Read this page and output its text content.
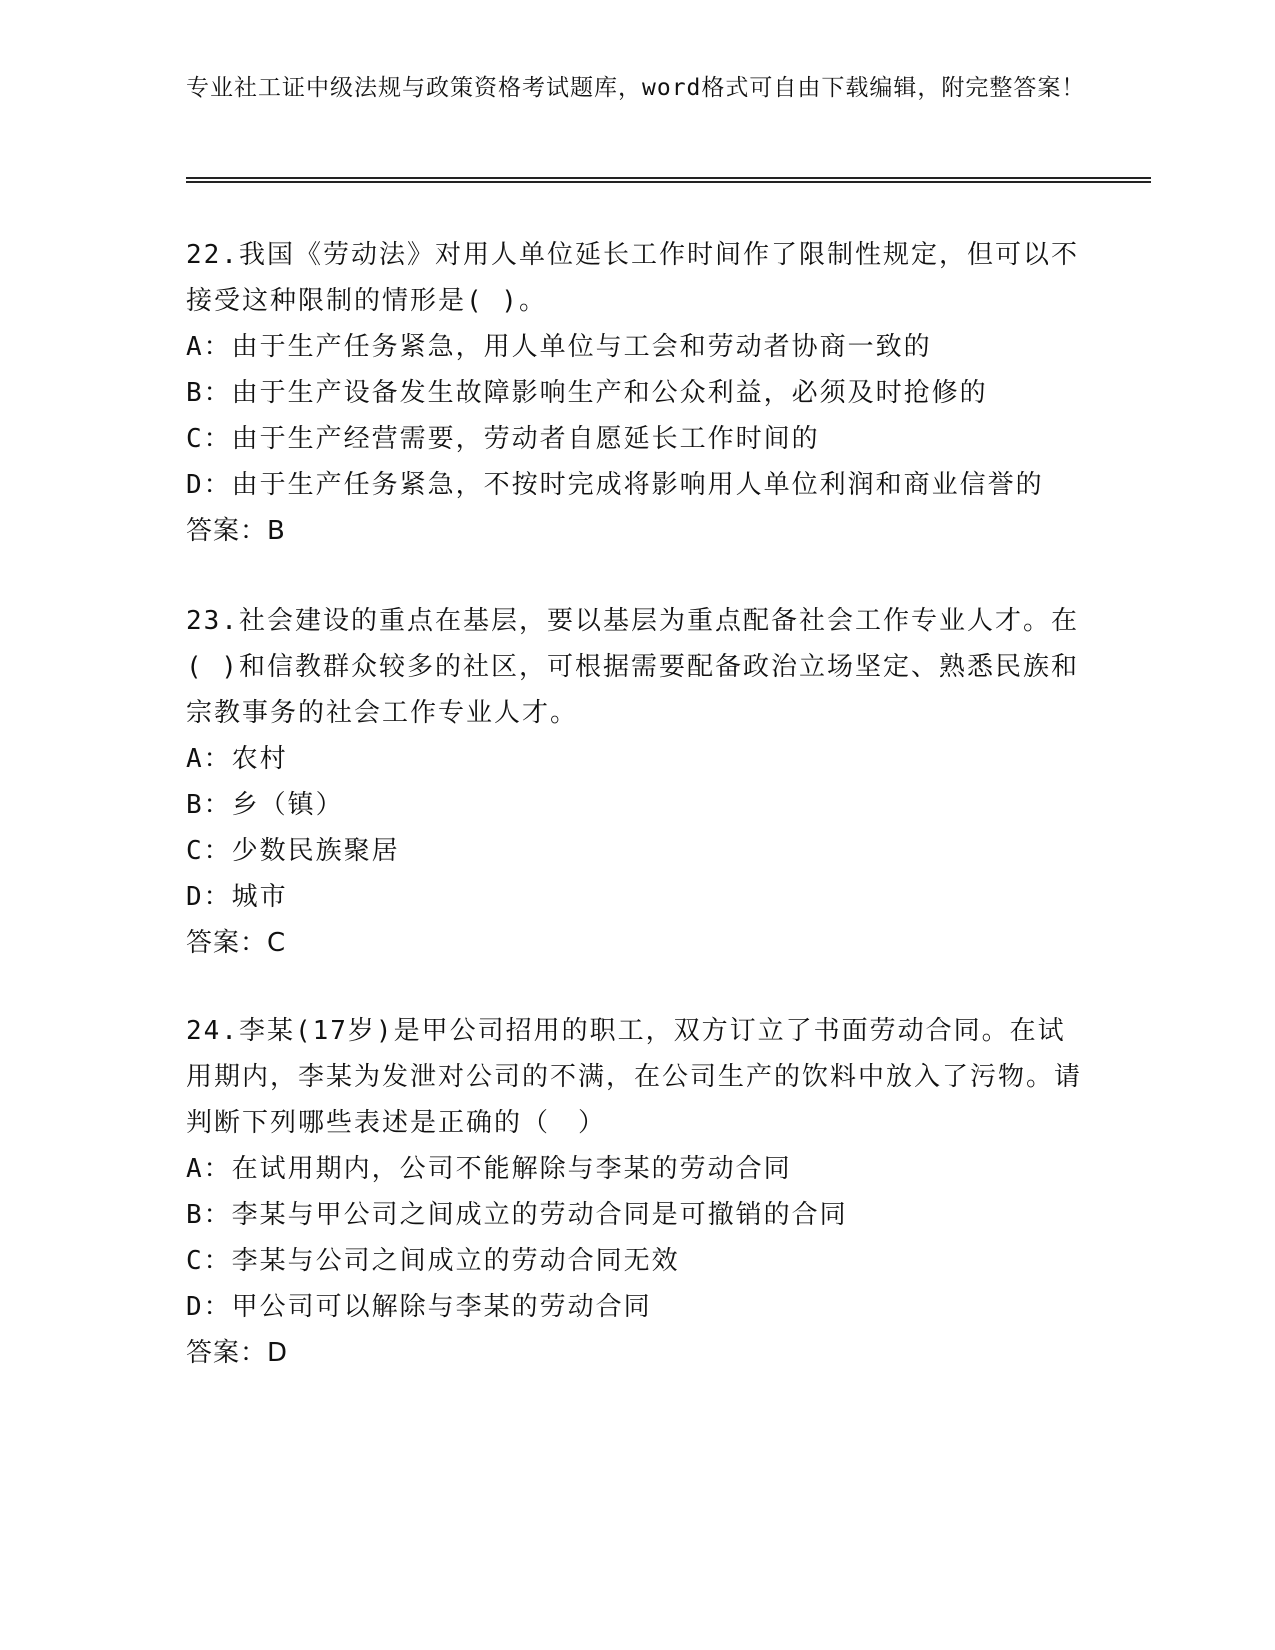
专业社工证中级法规与政策资格考试题库，word格式可自由下载编辑，附完整答案！
22.我国《劳动法》对用人单位延长工作时间作了限制性规定，但可以不接受这种限制的情形是( )。
A：由于生产任务紧急，用人单位与工会和劳动者协商一致的
B：由于生产设备发生故障影响生产和公众利益，必须及时抢修的
C：由于生产经营需要，劳动者自愿延长工作时间的
D：由于生产任务紧急，不按时完成将影响用人单位利润和商业信誉的
答案：B
23.社会建设的重点在基层，要以基层为重点配备社会工作专业人才。在( )和信教群众较多的社区，可根据需要配备政治立场坚定、熟悉民族和宗教事务的社会工作专业人才。
A：农村
B：乡（镇）
C：少数民族聚居
D：城市
答案：C
24.李某(17岁)是甲公司招用的职工，双方订立了书面劳动合同。在试用期内，李某为发泄对公司的不满，在公司生产的饮料中放入了污物。请判断下列哪些表述是正确的（　）
A：在试用期内，公司不能解除与李某的劳动合同
B：李某与甲公司之间成立的劳动合同是可撤销的合同
C：李某与公司之间成立的劳动合同无效
D：甲公司可以解除与李某的劳动合同
答案：D
